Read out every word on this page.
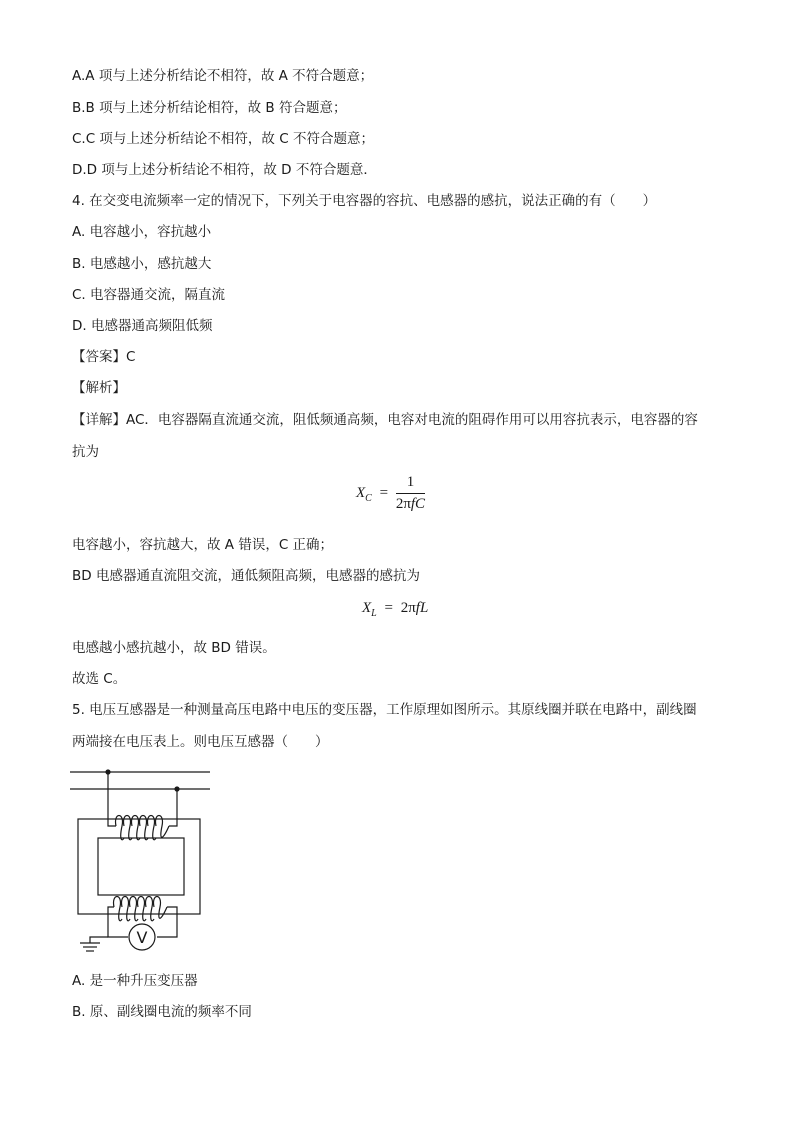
A.A 项与上述分析结论不相符，故 A 不符合题意；
B.B 项与上述分析结论相符，故 B 符合题意；
C.C 项与上述分析结论不相符，故 C 不符合题意；
D.D 项与上述分析结论不相符，故 D 不符合题意．
4. 在交变电流频率一定的情况下，下列关于电容器的容抗、电感器的感抗，说法正确的有（　　）
A. 电容越小，容抗越小
B. 电感越小，感抗越大
C. 电容器通交流，隔直流
D. 电感器通高频阻低频
【答案】C
【解析】
【详解】AC．电容器隔直流通交流，阻低频通高频，电容对电流的阻碍作用可以用容抗表示，电容器的容
抗为
$X_C = \frac{1}{\text{2πfC}}$
电容越小，容抗越大，故 A 错误，C 正确；
BD 电感器通直流阻交流，通低频阻高频，电感器的感抗为
$X_L = 2\pi fL$
电感越小感抗越小，故 BD 错误。
故选 C。
5. 电压互感器是一种测量高压电路中电压的变压器，工作原理如图所示。其原线圈并联在电路中，副线圈
两端接在电压表上。则电压互感器（　　）
V
A. 是一种升压变压器
B. 原、副线圈电流的频率不同
